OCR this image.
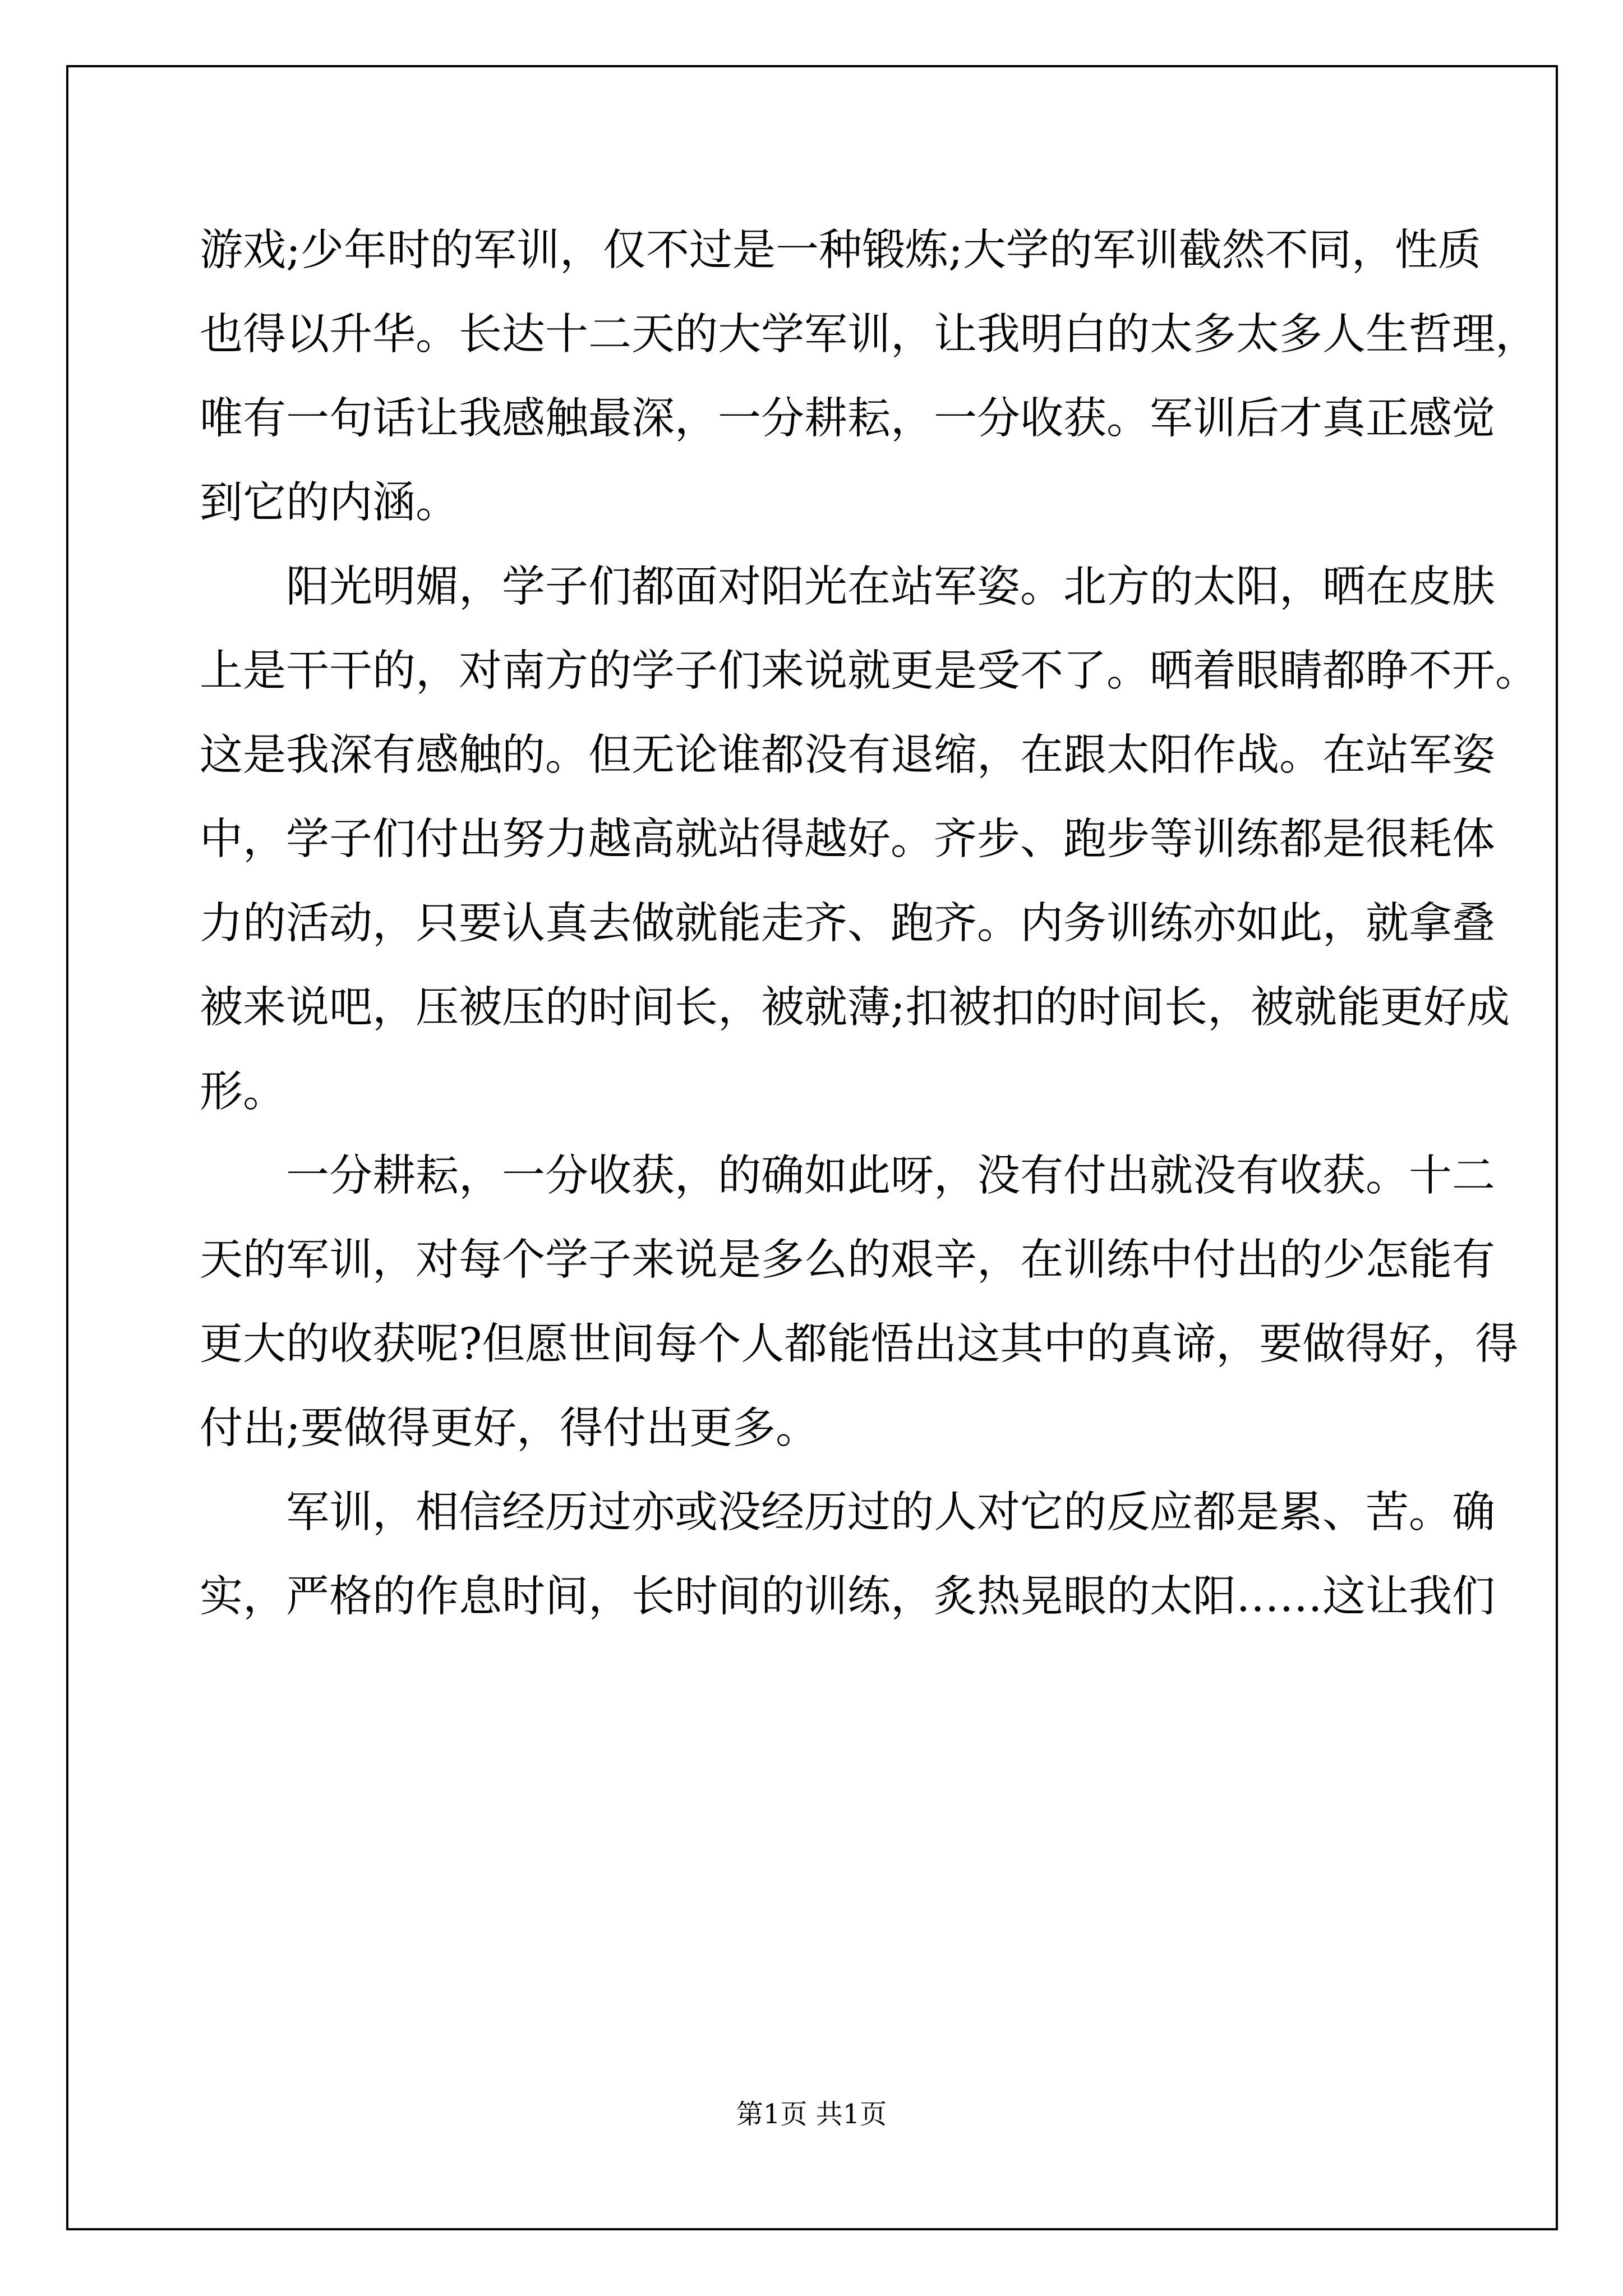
游戏;少年时的军训，仅不过是一种锻炼;大学的军训截然不同，性质
也得以升华。长达十二天的大学军训，让我明白的太多太多人生哲理，
唯有一句话让我感触最深，一分耕耘，一分收获。军训后才真正感觉
到它的内涵。
阳光明媚，学子们都面对阳光在站军姿。北方的太阳，晒在皮肤
上是干干的，对南方的学子们来说就更是受不了。晒着眼睛都睁不开。
这是我深有感触的。但无论谁都没有退缩，在跟太阳作战。在站军姿
中，学子们付出努力越高就站得越好。齐步、跑步等训练都是很耗体
力的活动，只要认真去做就能走齐、跑齐。内务训练亦如此，就拿叠
被来说吧，压被压的时间长，被就薄;扣被扣的时间长，被就能更好成
形。
一分耕耘，一分收获，的确如此呀，没有付出就没有收获。十二
天的军训，对每个学子来说是多么的艰辛，在训练中付出的少怎能有
更大的收获呢?但愿世间每个人都能悟出这其中的真谛，要做得好，得
付出;要做得更好，得付出更多。
军训，相信经历过亦或没经历过的人对它的反应都是累、苦。确
实，严格的作息时间，长时间的训练，炙热晃眼的太阳……这让我们
第1页 共1页
